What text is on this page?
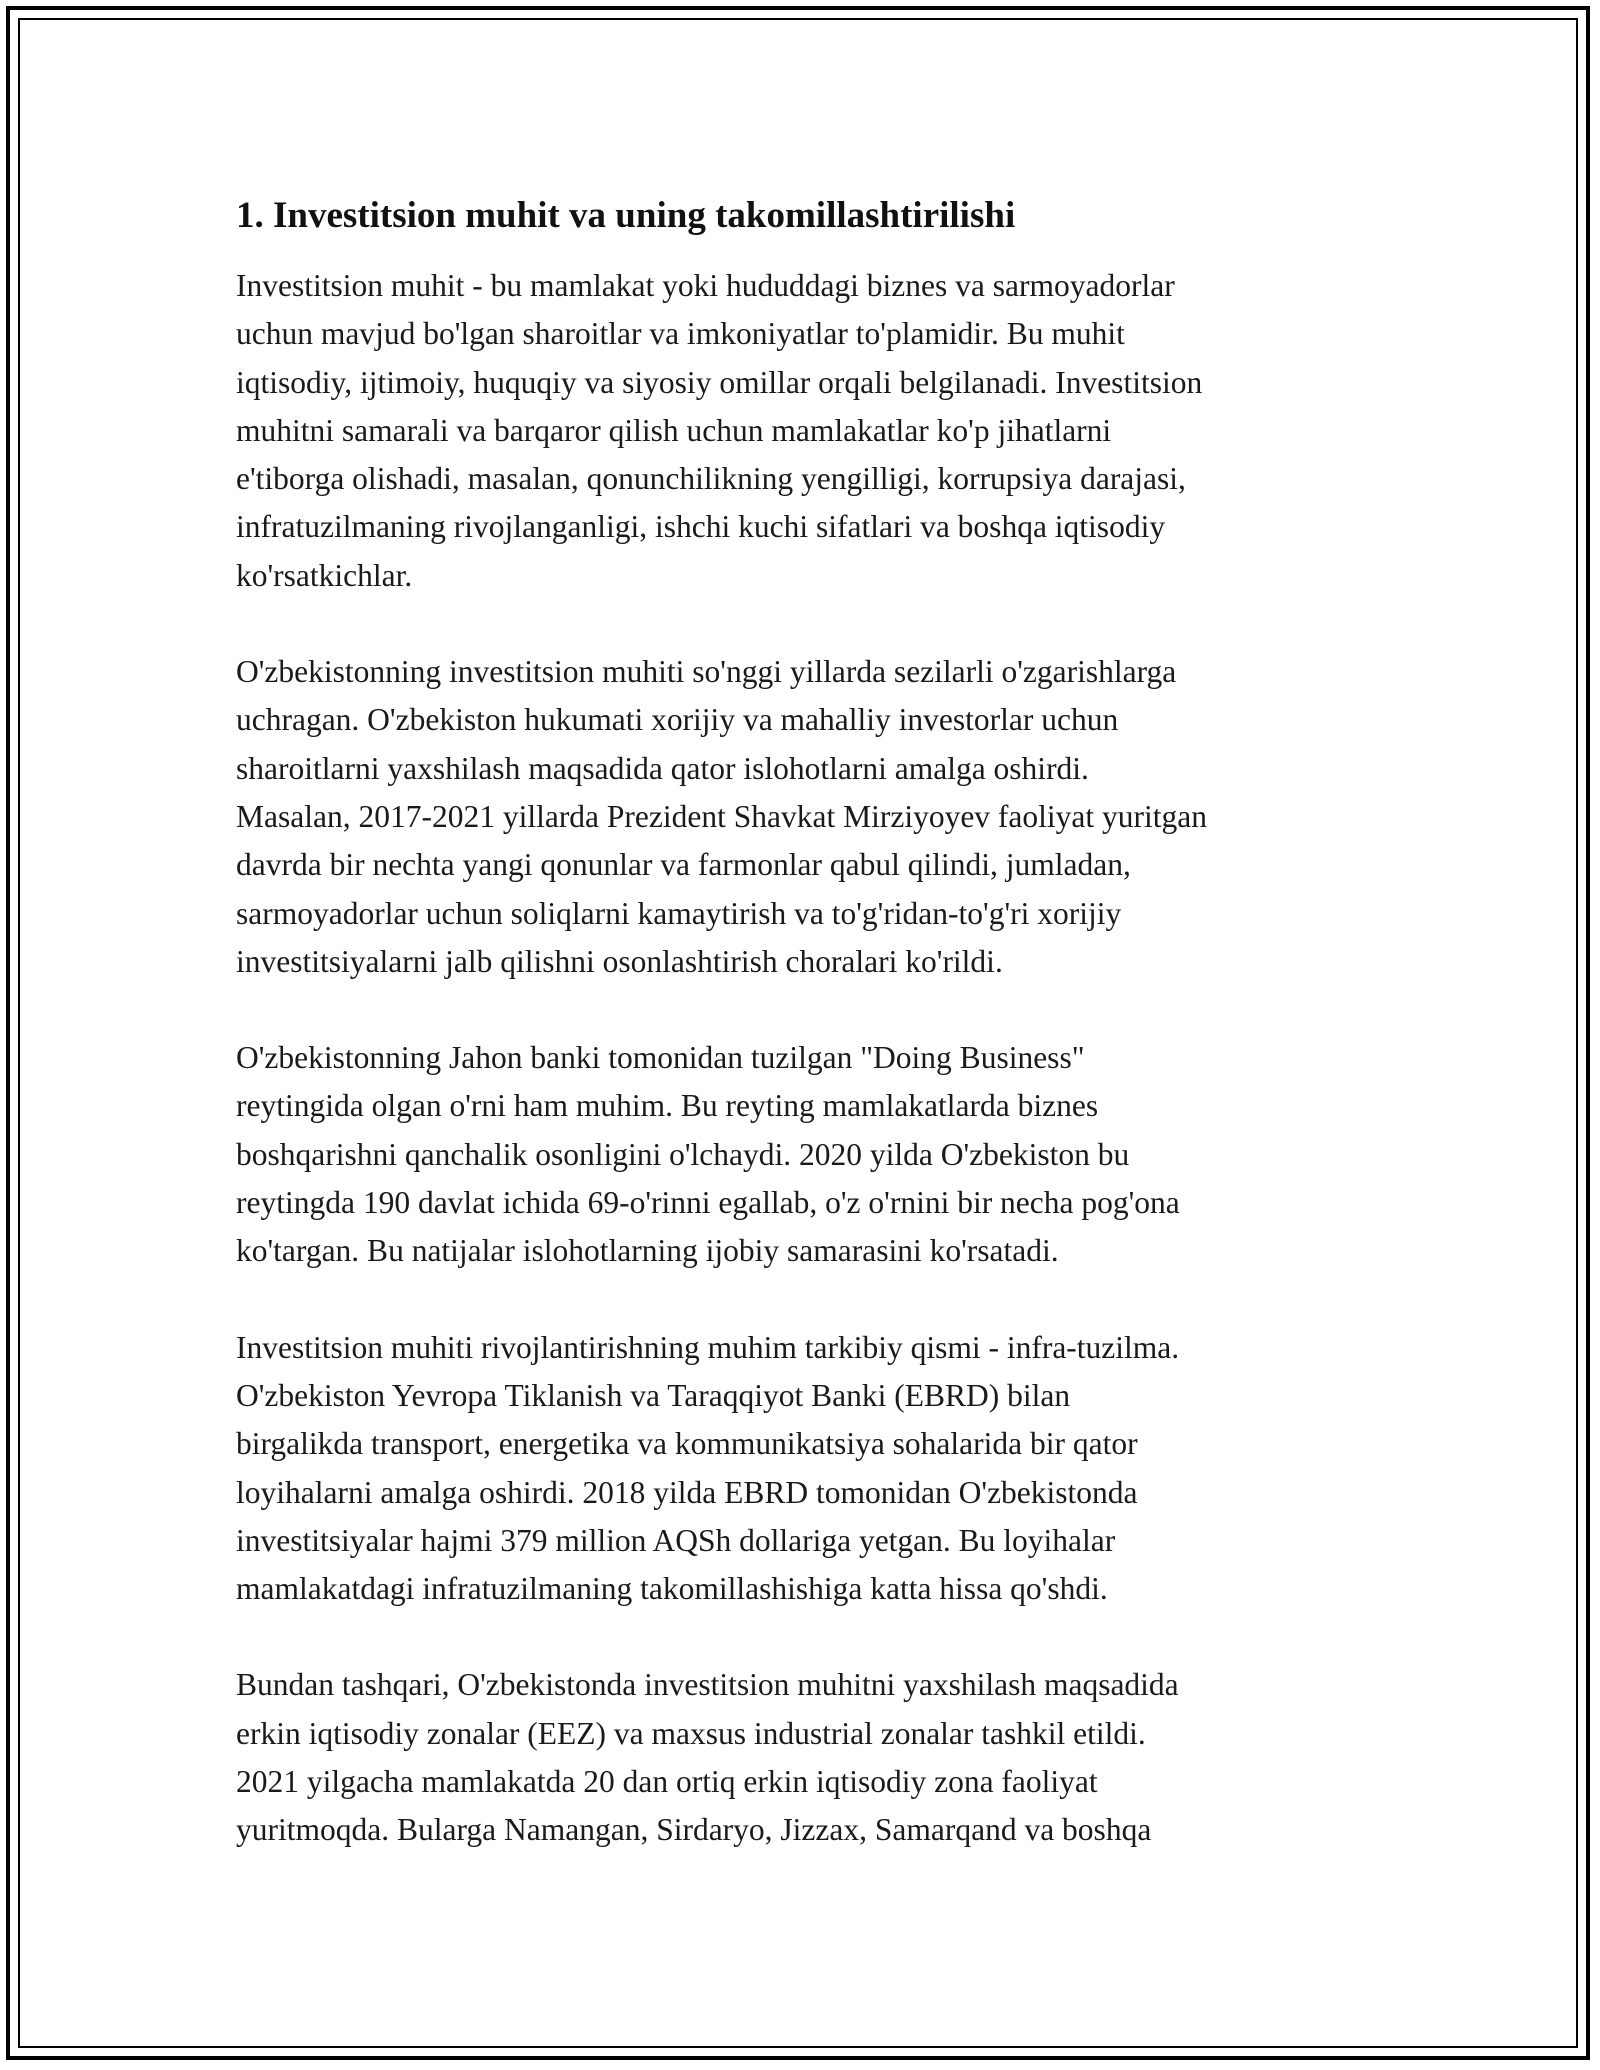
1. Investitsion muhit va uning takomillashtirilishi

Investitsion muhit - bu mamlakat yoki hududdagi biznes va sarmoyadorlar
uchun mavjud bo'lgan sharoitlar va imkoniyatlar to'plamidir. Bu muhit
iqtisodiy, ijtimoiy, huquqiy va siyosiy omillar orqali belgilanadi. Investitsion
muhitni samarali va barqaror qilish uchun mamlakatlar ko'p jihatlarni
e'tiborga olishadi, masalan, qonunchilikning yengilligi, korrupsiya darajasi,
infratuzilmaning rivojlanganligi, ishchi kuchi sifatlari va boshqa iqtisodiy
ko'rsatkichlar.

O'zbekistonning investitsion muhiti so'nggi yillarda sezilarli o'zgarishlarga
uchragan. O'zbekiston hukumati xorijiy va mahalliy investorlar uchun
sharoitlarni yaxshilash maqsadida qator islohotlarni amalga oshirdi.
Masalan, 2017-2021 yillarda Prezident Shavkat Mirziyoyev faoliyat yuritgan
davrda bir nechta yangi qonunlar va farmonlar qabul qilindi, jumladan,
sarmoyadorlar uchun soliqlarni kamaytirish va to'g'ridan-to'g'ri xorijiy
investitsiyalarni jalb qilishni osonlashtirish choralari ko'rildi.

O'zbekistonning Jahon banki tomonidan tuzilgan "Doing Business"
reytingida olgan o'rni ham muhim. Bu reyting mamlakatlarda biznes
boshqarishni qanchalik osonligini o'lchaydi. 2020 yilda O'zbekiston bu
reytingda 190 davlat ichida 69-o'rinni egallab, o'z o'rnini bir necha pog'ona
ko'targan. Bu natijalar islohotlarning ijobiy samarasini ko'rsatadi.

Investitsion muhiti rivojlantirishning muhim tarkibiy qismi - infra-tuzilma.
O'zbekiston Yevropa Tiklanish va Taraqqiyot Banki (EBRD) bilan
birgalikda transport, energetika va kommunikatsiya sohalarida bir qator
loyihalarni amalga oshirdi. 2018 yilda EBRD tomonidan O'zbekistonda
investitsiyalar hajmi 379 million AQSh dollariga yetgan. Bu loyihalar
mamlakatdagi infratuzilmaning takomillashishiga katta hissa qo'shdi.

Bundan tashqari, O'zbekistonda investitsion muhitni yaxshilash maqsadida
erkin iqtisodiy zonalar (EEZ) va maxsus industrial zonalar tashkil etildi.
2021 yilgacha mamlakatda 20 dan ortiq erkin iqtisodiy zona faoliyat
yuritmoqda. Bularga Namangan, Sirdaryo, Jizzax, Samarqand va boshqa
